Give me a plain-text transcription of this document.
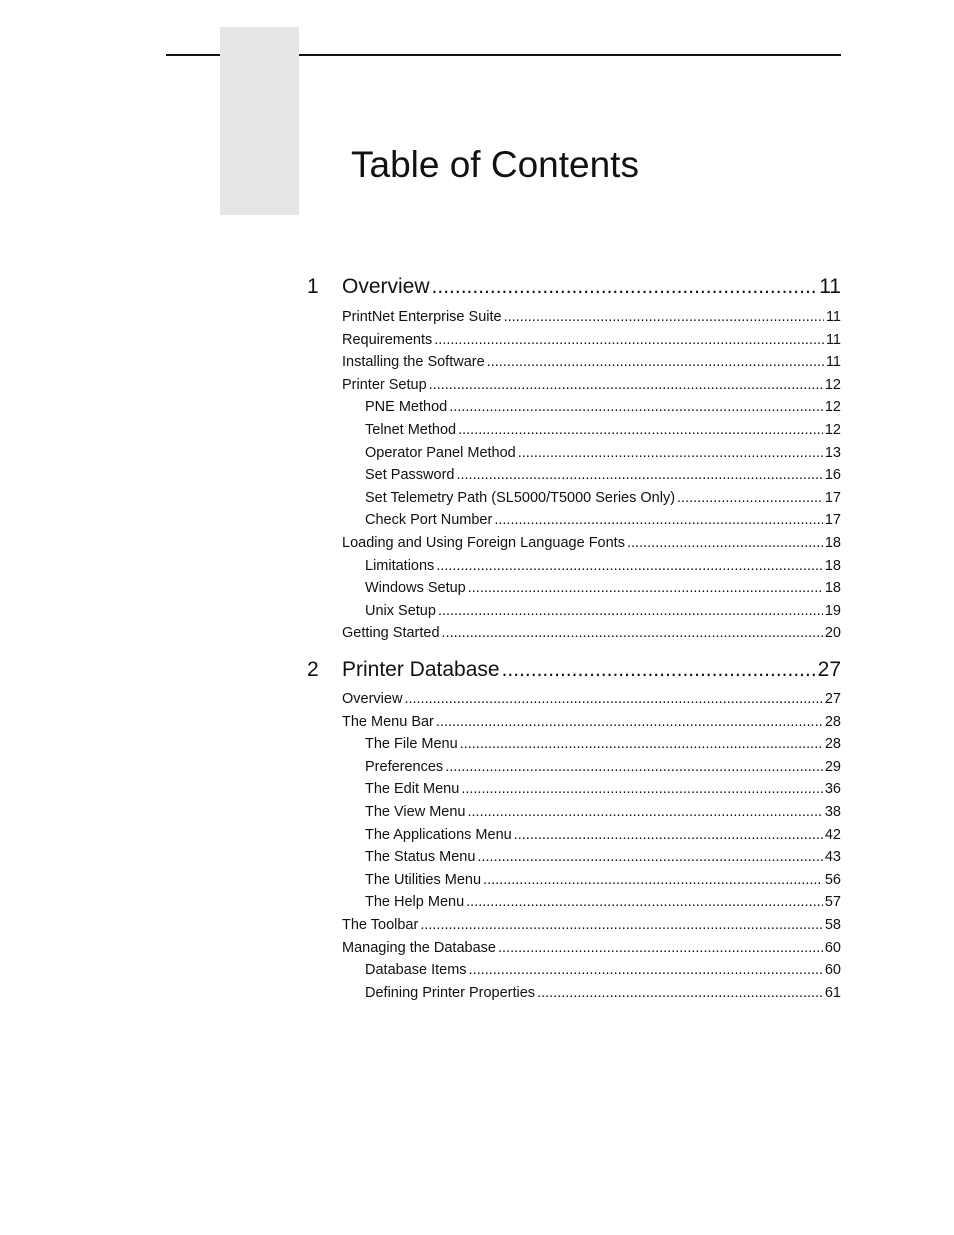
Table of Contents
1 Overview .....	11
PrintNet Enterprise Suite .....	11
Requirements .....	11
Installing the Software .....	11
Printer Setup .....	12
PNE Method .....	12
Telnet Method .....	12
Operator Panel Method .....	13
Set Password .....	16
Set Telemetry Path (SL5000/T5000 Series Only) .....	17
Check Port Number .....	17
Loading and Using Foreign Language Fonts .....	18
Limitations .....	18
Windows Setup .....	18
Unix Setup .....	19
Getting Started .....	20
2 Printer Database .....	27
Overview .....	27
The Menu Bar .....	28
The File Menu .....	28
Preferences .....	29
The Edit Menu .....	36
The View Menu .....	38
The Applications Menu .....	42
The Status Menu .....	43
The Utilities Menu .....	56
The Help Menu .....	57
The Toolbar .....	58
Managing the Database .....	60
Database Items .....	60
Defining Printer Properties .....	61
